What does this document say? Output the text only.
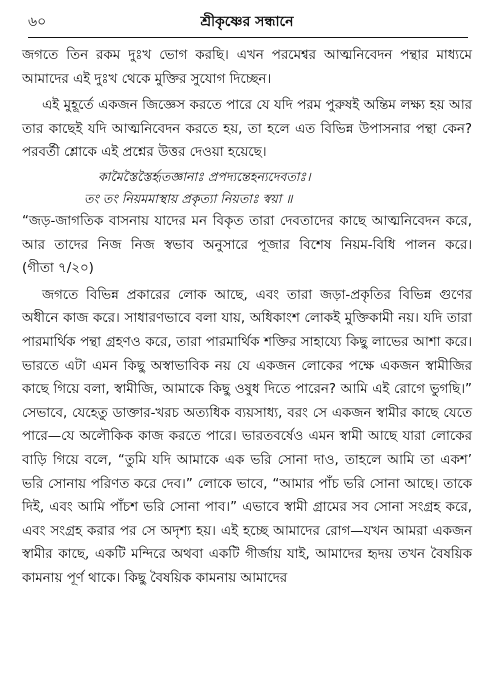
৬০	শ্রীকৃষ্ণের সন্ধানে

জগতে তিন রকম দুঃখ ভোগ করছি। এখন পরমেশ্বর আত্মনিবেদন পন্থার মাধ্যমে আমাদের এই দুঃখ থেকে মুক্তির সুযোগ দিচ্ছেন।

এই মুহূর্তে একজন জিজ্ঞেস করতে পারে যে যদি পরম পুরুষই অন্তিম লক্ষ্য হয় আর তার কাছেই যদি আত্মনিবেদন করতে হয়, তা হলে এত বিভিন্ন উপাসনার পন্থা কেন? পরবর্তী শ্লোকে এই প্রশ্নের উত্তর দেওয়া হয়েছে।

কামৈস্তৈস্তৈর্হৃতজ্ঞানাঃ প্রপদ্যন্তেহন্যদেবতাঃ।
তং তং নিয়মমাস্থায় প্রকৃত্যা নিয়তাঃ স্বয়া ॥

“জড়-জাগতিক বাসনায় যাদের মন বিকৃত তারা দেবতাদের কাছে আত্মনিবেদন করে, আর তাদের নিজ নিজ স্বভাব অনুসারে পূজার বিশেষ নিয়ম-বিধি পালন করে। (গীতা ৭/২০)

জগতে বিভিন্ন প্রকারের লোক আছে, এবং তারা জড়া-প্রকৃতির বিভিন্ন গুণের অধীনে কাজ করে। সাধারণভাবে বলা যায়, অধিকাংশ লোকই মুক্তিকামী নয়। যদি তারা পারমার্থিক পন্থা গ্রহণও করে, তারা পারমার্থিক শক্তির সাহায্যে কিছু লাভের আশা করে। ভারতে এটা এমন কিছু অস্বাভাবিক নয় যে একজন লোকের পক্ষে একজন স্বামীজির কাছে গিয়ে বলা, স্বামীজি, আমাকে কিছু ওষুধ দিতে পারেন? আমি এই রোগে ভুগছি।” সেভাবে, যেহেতু ডাক্তার-খরচ অত্যধিক ব্যয়সাধ্য, বরং সে একজন স্বামীর কাছে যেতে পারে—যে অলৌকিক কাজ করতে পারে। ভারতবর্ষেও এমন স্বামী আছে যারা লোকের বাড়ি গিয়ে বলে, “তুমি যদি আমাকে এক ভরি সোনা দাও, তাহলে আমি তা একশ’ ভরি সোনায় পরিণত করে দেব।” লোকে ভাবে, “আমার পাঁচ ভরি সোনা আছে। তাকে দিই, এবং আমি পাঁচশ ভরি সোনা পাব।” এভাবে স্বামী গ্রামের সব সোনা সংগ্রহ করে, এবং সংগ্রহ করার পর সে অদৃশ্য হয়। এই হচ্ছে আমাদের রোগ—যখন আমরা একজন স্বামীর কাছে, একটি মন্দিরে অথবা একটি গীর্জায় যাই, আমাদের হৃদয় তখন বৈষয়িক কামনায় পূর্ণ থাকে। কিছু বৈষয়িক কামনায় আমাদের
